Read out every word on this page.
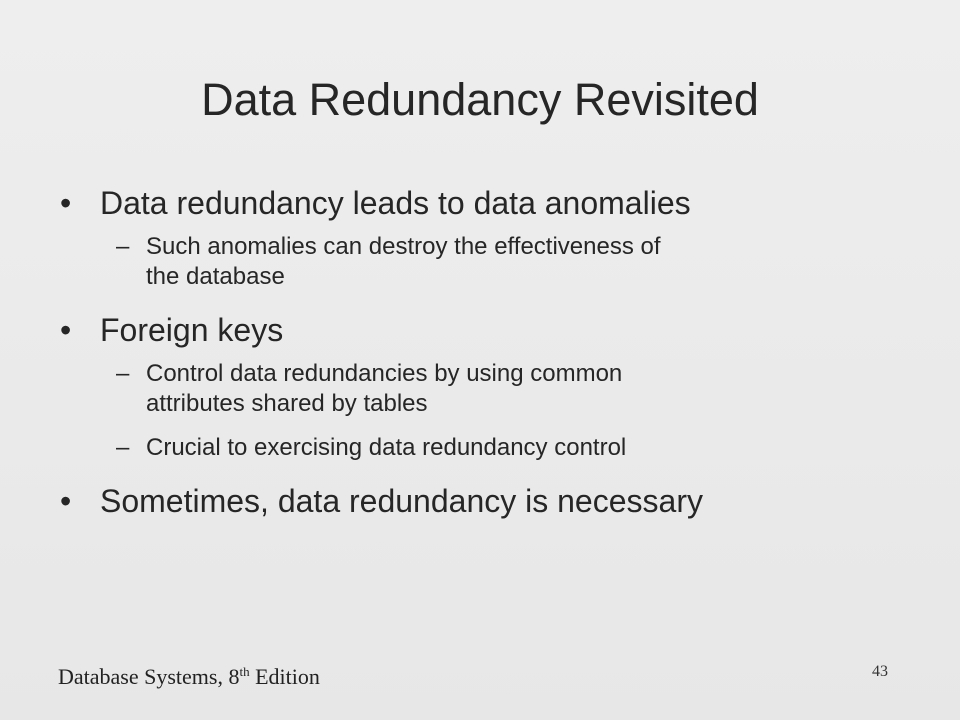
Data Redundancy Revisited
• Data redundancy leads to data anomalies
– Such anomalies can destroy the effectiveness of
the database
• Foreign keys
– Control data redundancies by using common
attributes shared by tables
– Crucial to exercising data redundancy control
• Sometimes, data redundancy is necessary
Database Systems, 8th Edition	43
